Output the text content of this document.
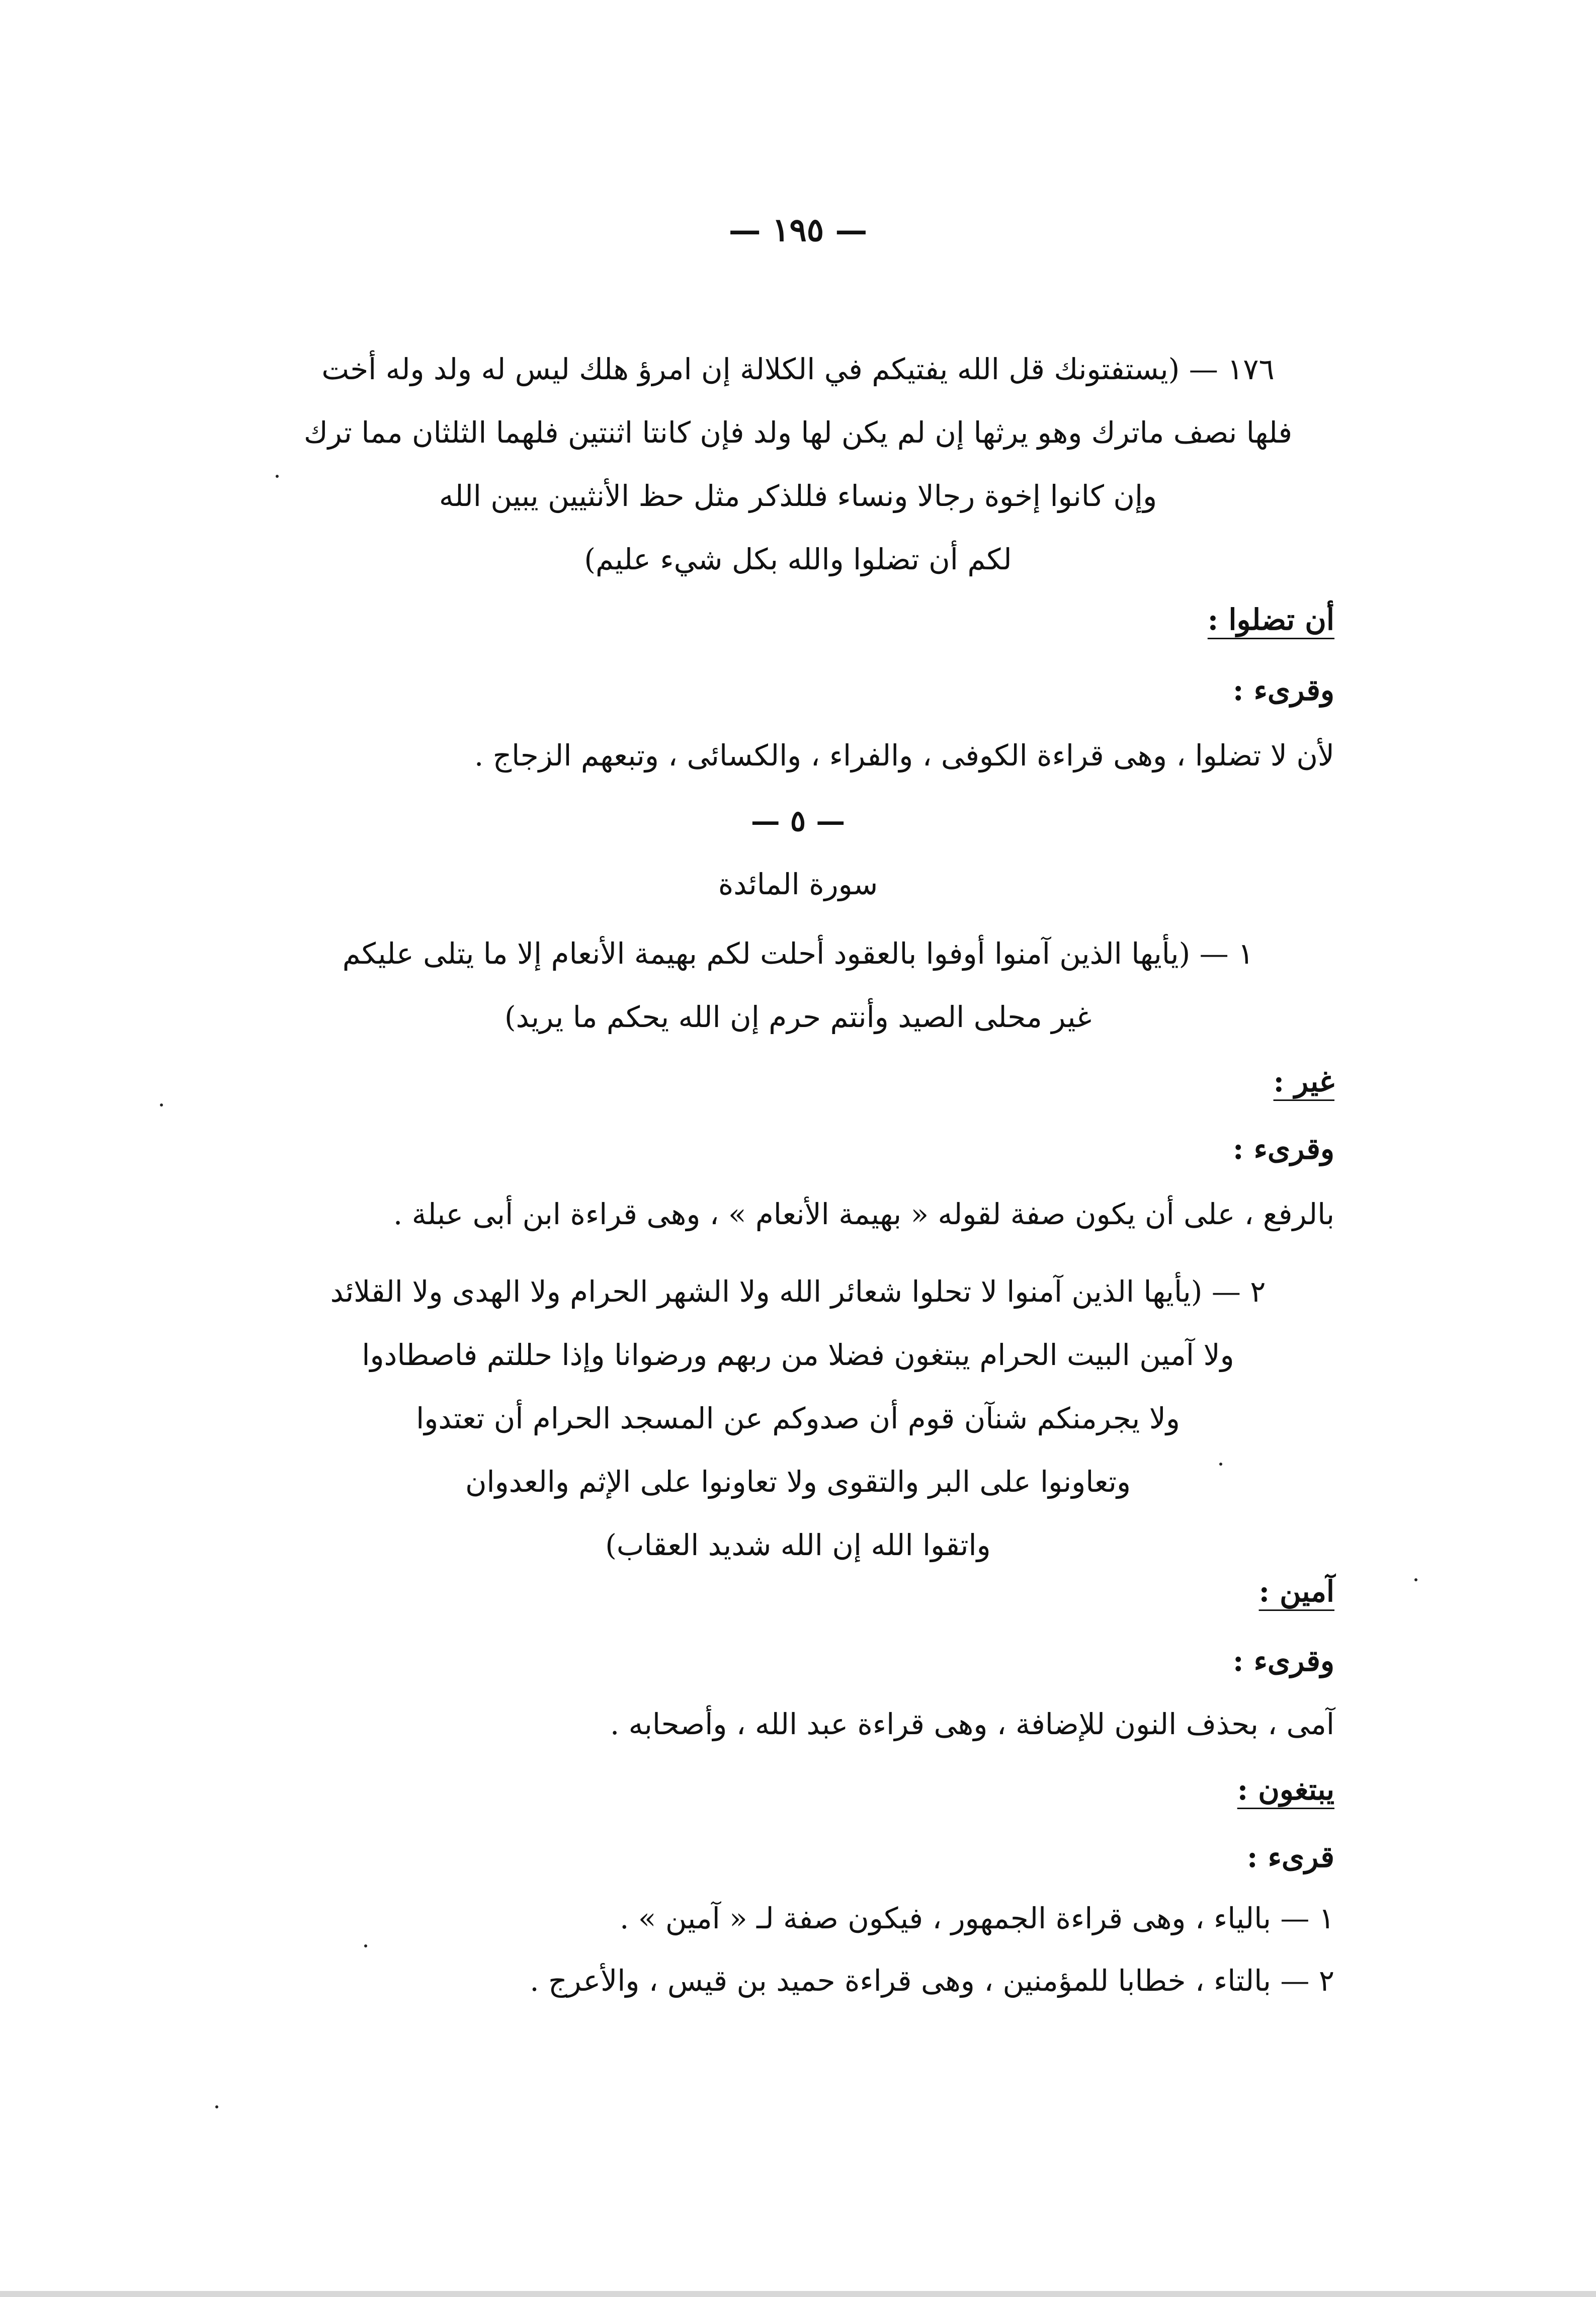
— ١٩٥ —
١٧٦ — (يستفتونك قل الله يفتيكم في الكلالة إن امرؤ هلك ليس له ولد وله أخت
فلها نصف ماترك وهو يرثها إن لم يكن لها ولد فإن كانتا اثنتين فلهما الثلثان مما ترك
وإن كانوا إخوة رجالا ونساء فللذكر مثل حظ الأنثيين يبين الله
لكم أن تضلوا والله بكل شيء عليم)
أن تضلوا :
وقرىء :
لأن لا تضلوا ، وهى قراءة الكوفى ، والفراء ، والكسائى ، وتبعهم الزجاج .
— ٥ —
سورة المائدة
١ — (يأيها الذين آمنوا أوفوا بالعقود أحلت لكم بهيمة الأنعام إلا ما يتلى عليكم
غير محلى الصيد وأنتم حرم إن الله يحكم ما يريد)
غير :
وقرىء :
بالرفع ، على أن يكون صفة لقوله « بهيمة الأنعام » ، وهى قراءة ابن أبى عبلة .
٢ — (يأيها الذين آمنوا لا تحلوا شعائر الله ولا الشهر الحرام ولا الهدى ولا القلائد
ولا آمين البيت الحرام يبتغون فضلا من ربهم ورضوانا وإذا حللتم فاصطادوا
ولا يجرمنكم شنآن قوم أن صدوكم عن المسجد الحرام أن تعتدوا
وتعاونوا على البر والتقوى ولا تعاونوا على الإثم والعدوان
واتقوا الله إن الله شديد العقاب)
آمين :
وقرىء :
آمى ، بحذف النون للإضافة ، وهى قراءة عبد الله ، وأصحابه .
يبتغون :
قرىء :
١ — بالياء ، وهى قراءة الجمهور ، فيكون صفة لـ « آمين » .
٢ — بالتاء ، خطابا للمؤمنين ، وهى قراءة حميد بن قيس ، والأعرج .
